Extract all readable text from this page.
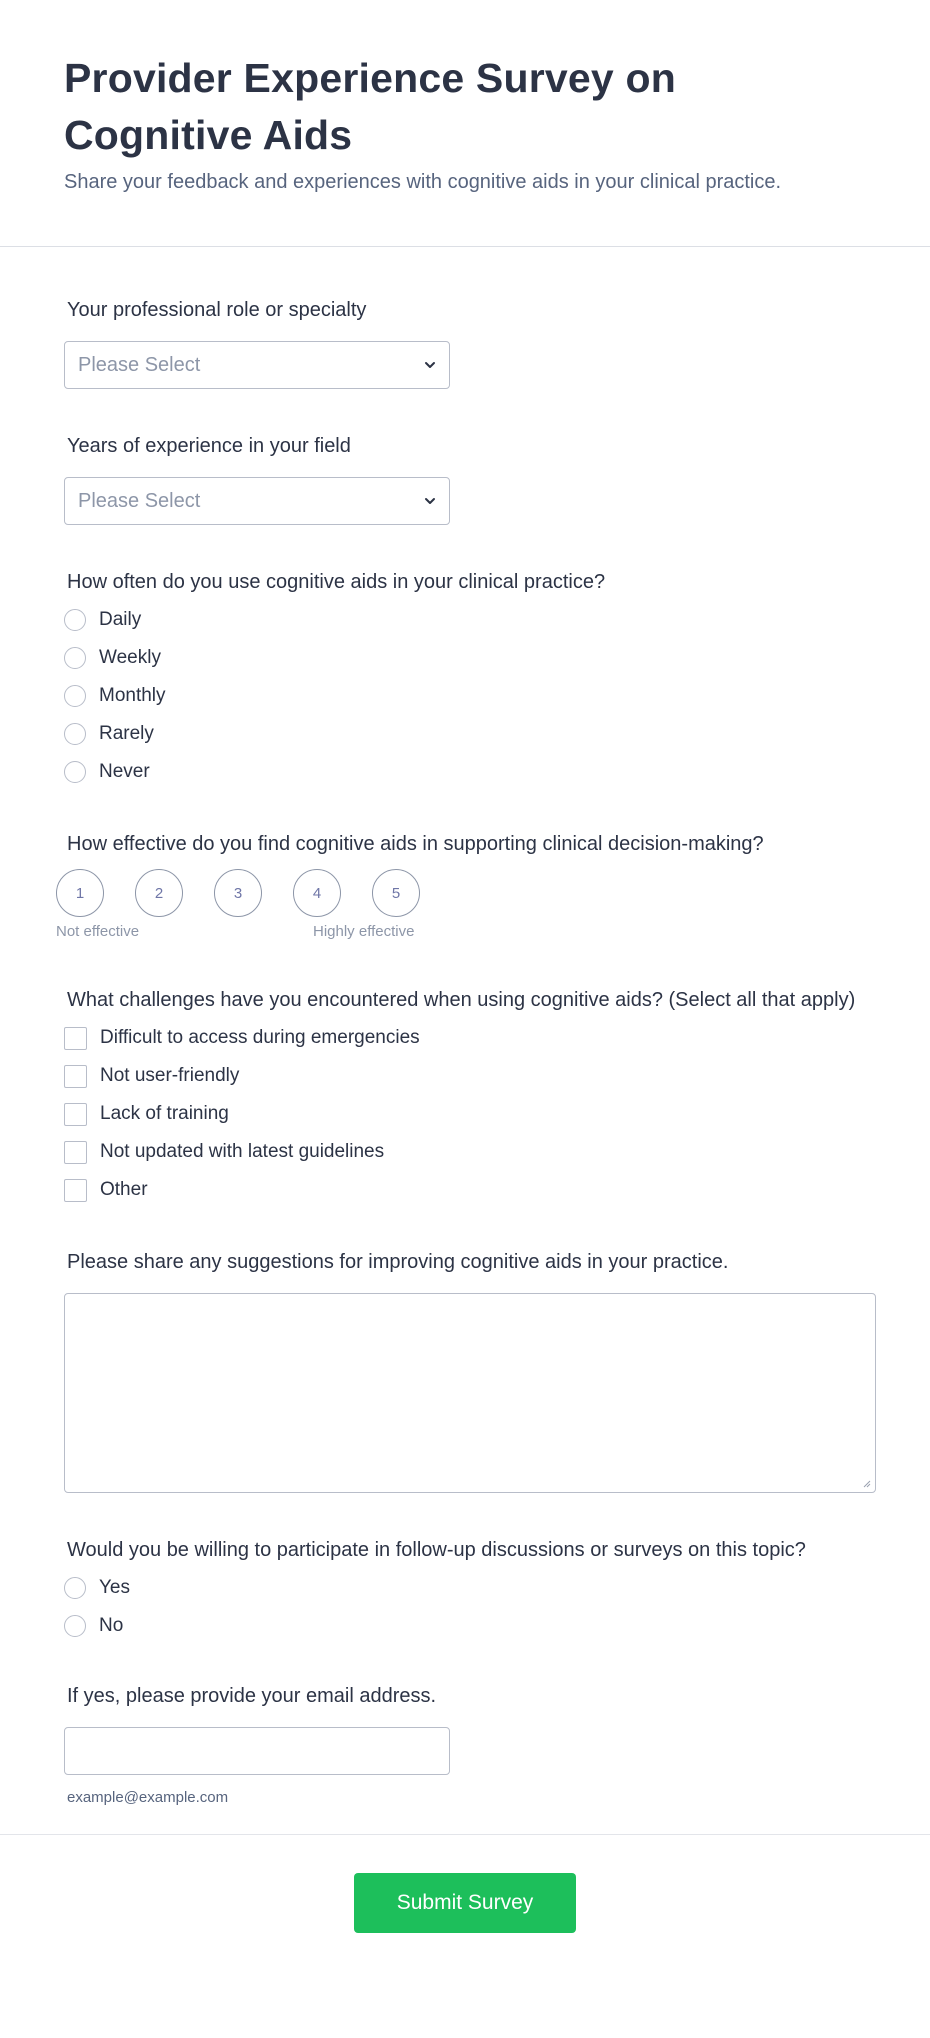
Provider Experience Survey on Cognitive Aids
Share your feedback and experiences with cognitive aids in your clinical practice.
Your professional role or specialty
Please Select
Years of experience in your field
Please Select
How often do you use cognitive aids in your clinical practice?
Daily
Weekly
Monthly
Rarely
Never
How effective do you find cognitive aids in supporting clinical decision-making?
1	2	3	4	5
Not effective	Highly effective
What challenges have you encountered when using cognitive aids? (Select all that apply)
Difficult to access during emergencies
Not user-friendly
Lack of training
Not updated with latest guidelines
Other
Please share any suggestions for improving cognitive aids in your practice.
Would you be willing to participate in follow-up discussions or surveys on this topic?
Yes
No
If yes, please provide your email address.
example@example.com
Submit Survey
